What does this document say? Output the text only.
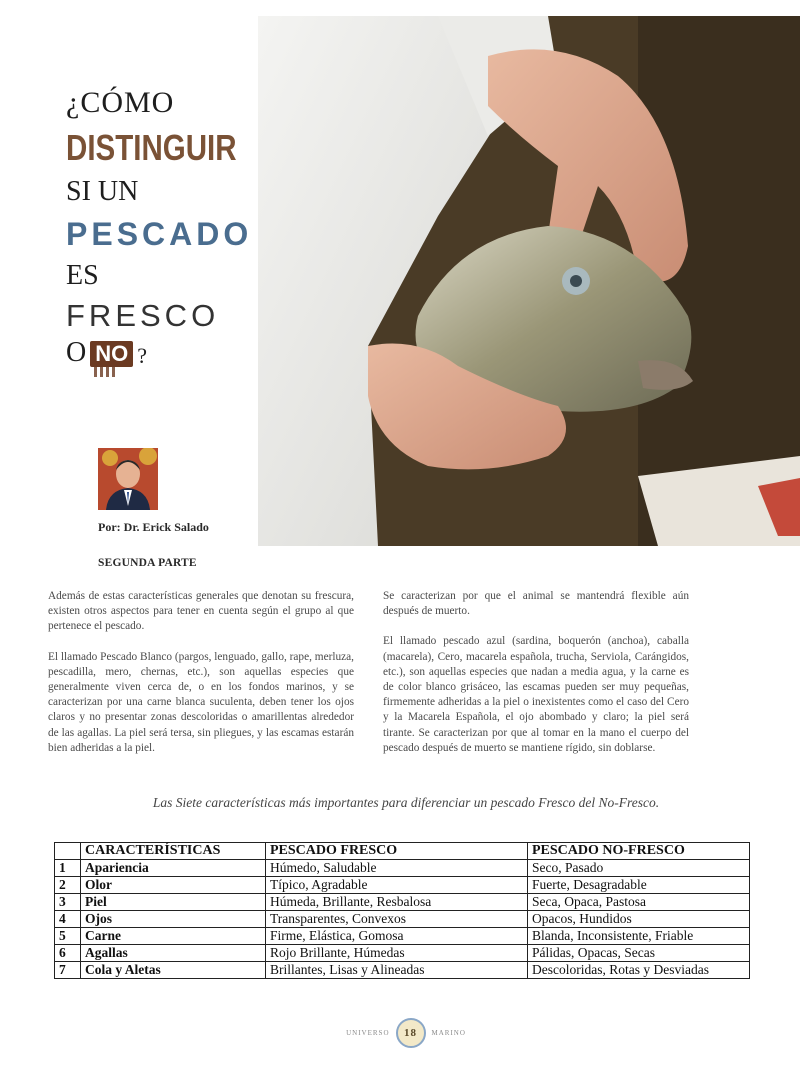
¿CÓMO
DISTINGUIR
SI UN
PESCADO
ES
FRESCO
O NO ?
Por: Dr. Erick Salado
SEGUNDA PARTE

Además de estas características generales que denotan su frescura, existen otros aspectos para tener en cuenta según el grupo al que pertenece el pescado.

El llamado Pescado Blanco (pargos, lenguado, gallo, rape, merluza, pescadilla, mero, chernas, etc.), son aquellas especies que generalmente viven cerca de, o en los fondos marinos, y se caracterizan por una carne blanca suculenta, deben tener los ojos claros y no presentar zonas descoloridas o amarillentas alrededor de las agallas. La piel será tersa, sin pliegues, y las escamas estarán bien adheridas a la piel.

Se caracterizan por que el animal se mantendrá flexible aún después de muerto.

El llamado pescado azul (sardina, boquerón (anchoa), caballa (macarela), Cero, macarela española, trucha, Serviola, Carángidos, etc.), son aquellas especies que nadan a media agua, y la carne es de color blanco grisáceo, las escamas pueden ser muy pequeñas, firmemente adheridas a la piel o inexistentes como el caso del Cero y la Macarela Española, el ojo abombado y claro; la piel será tirante. Se caracterizan por que al tomar en la mano el cuerpo del pescado después de muerto se mantiene rígido, sin doblarse.

Las Siete características más importantes para diferenciar un pescado Fresco del No-Fresco.
	CARACTERÍSTICAS	PESCADO FRESCO	PESCADO NO-FRESCO
1	Apariencia	Húmedo, Saludable	Seco, Pasado
2	Olor	Típico, Agradable	Fuerte, Desagradable
3	Piel	Húmeda, Brillante, Resbalosa	Seca, Opaca, Pastosa
4	Ojos	Transparentes, Convexos	Opacos, Hundidos
5	Carne	Firme, Elástica, Gomosa	Blanda, Inconsistente, Friable
6	Agallas	Rojo Brillante, Húmedas	Pálidas, Opacas, Secas
7	Cola y Aletas	Brillantes, Lisas y Alineadas	Descoloridas, Rotas y Desviadas
UNIVERSO 18 MARINO
